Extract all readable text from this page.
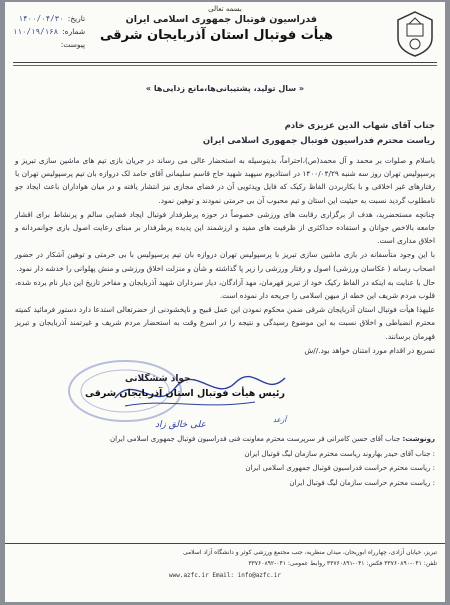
بسمه تعالی
فدراسیون فوتبال جمهوری اسلامی ایران
هیأت فوتبال استان آذربایجان شرقی
تاریخ:
۱۴۰۰/۰۴/۳۰
شماره:
۱۱۰/۱۹/۱۶۸
پیوست:
« سال تولید، پشتیبانی‌ها،مانع زدایی‌ها »
جناب آقای شهاب الدین عزیزی خادم
ریاست محترم فدراسیون فوتبال جمهوری اسلامی ایران

باسلام و صلوات بر محمد و آل محمد(ص)،احتراماً، بدینوسیله به استحضار عالی می رساند در جریان بازی تیم های ماشین سازی تبریز و پرسپولیس تهران روز سه شنبه ۱۴۰۰/۰۴/۲۹ در استادیوم سپهبد شهید حاج قاسم سلیمانی آقای حامد لک دروازه بان تیم پرسپولیس تهران با رفتارهای غیر اخلاقی و با بکاربردن الفاظ رکیک که فایل ویدئویی آن در فضای مجازی نیز انتشار یافته و در میان هواداران باعث ایجاد جو نامطلوب گردید نسبت به حیثیت این استان و تیم محبوب آن بی حرمتی نمودند و توهین نمود.

چنانچه مستحضرید، هدف از برگزاری رقابت های ورزشی خصوصاً در حوزه پرطرفدار فوتبال ایجاد فضایی سالم و پرنشاط برای اقشار جامعه بالاخص جوانان و استفاده حداکثری از ظرفیت های مفید و ارزشمند این پدیده پرطرفدار بر مبنای رعایت اصول بازی جوانمردانه و اخلاق مداری است.

با این وجود متأسفانه در بازی ماشین سازی تبریز با پرسپولیس تهران دروازه بان تیم پرسپولیس با بی حرمتی و توهین آشکار در حضور اصحاب رسانه ( عکاسان ورزشی) اصول و رفتار ورزشی را زیر پا گذاشته و شأن و منزلت اخلاق ورزشی و منش پهلوانی را خدشه دار نمود.

حال با عنایت به اینکه در الفاظ رکیک خود از تبریز قهرمان، مهد آزادگان، دیار سرداران شهید آذربایجان و مفاخر تاریخ این دیار نام برده شده، قلوب مردم شریف این خطه از میهن اسلامی را جریحه دار نموده است.

علیهذا هیأت فوتبال استان آذربایجان شرقی ضمن محکوم نمودن این عمل قبیح و ناپخشودنی از حضرتعالی استدعا دارد دستور فرمائید کمیته محترم انضباطی و اخلاق نسبت به این موضوع رسیدگی و نتیجه را در اسرع وقت به استحضار مردم شریف و غیرتمند آذربایجان و تبریز قهرمان برسانند.

تسریع در اقدام مورد امتنان خواهد بود.//ش

جواد ششگلانی
رئیس هیأت فوتبال استان آذربایجان شرقی
آزعد
علی خالق زاد
رونوشت: جناب آقای حسن کامرانی فر سرپرست محترم معاونت فنی فدراسیون فوتبال جمهوری اسلامی ایران
: جناب آقای حیدر بهاروند ریاست محترم سازمان لیگ فوتبال ایران
: ریاست محترم حراست فدراسیون فوتبال جمهوری اسلامی ایران
: ریاست محترم حراست سازمان لیگ فوتبال ایران
تبریز، خیابان آزادی، چهارراه ابوریحان، میدان منظریه، جنب مجتمع ورزشی کوثر و دانشگاه آزاد اسلامی
تلفن: ۰۴۱-۳۳۷۶۰۸۹۰ فکس: ۰۴۱-۳۳۷۶۰۸۹۱ روابط عمومی: ۰۴۱-۳۳۷۶۰۸۹۲
www.azfc.ir Email: info@azfc.ir
